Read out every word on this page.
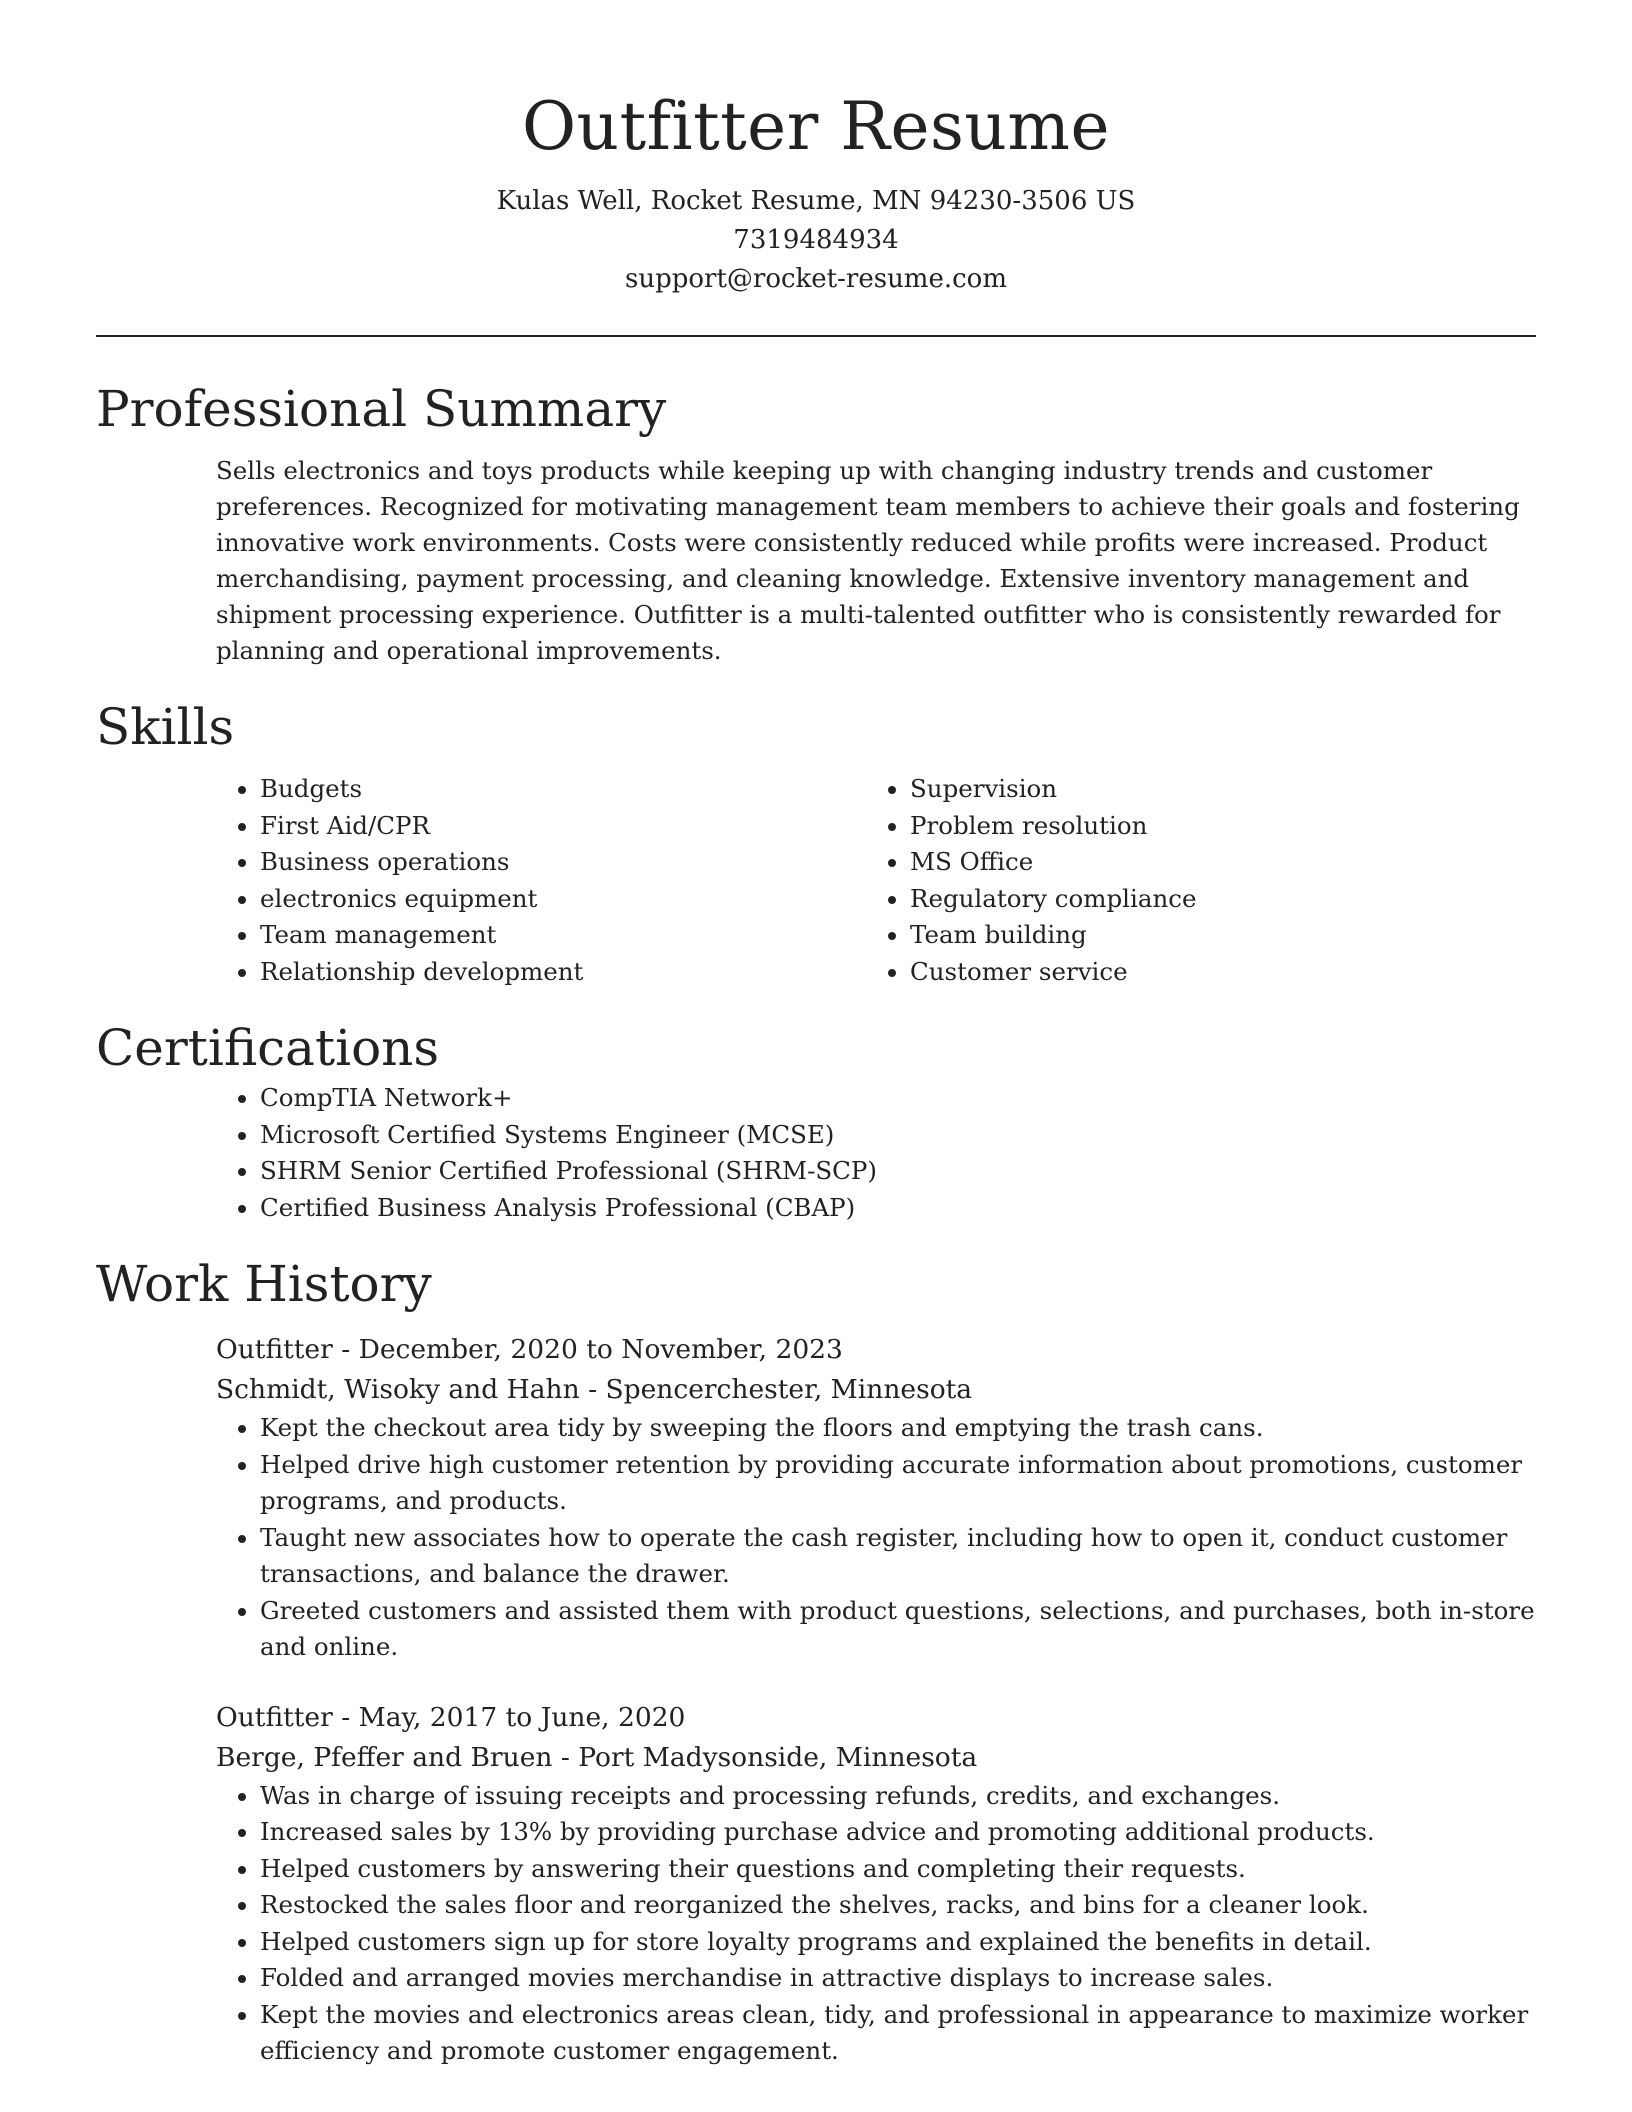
Outfitter Resume
Kulas Well, Rocket Resume, MN 94230-3506 US
7319484934
support@rocket-resume.com
Professional Summary
Sells electronics and toys products while keeping up with changing industry trends and customer preferences. Recognized for motivating management team members to achieve their goals and fostering innovative work environments. Costs were consistently reduced while profits were increased. Product merchandising, payment processing, and cleaning knowledge. Extensive inventory management and shipment processing experience. Outfitter is a multi-talented outfitter who is consistently rewarded for planning and operational improvements.
Skills
• Budgets
• First Aid/CPR
• Business operations
• electronics equipment
• Team management
• Relationship development
• Supervision
• Problem resolution
• MS Office
• Regulatory compliance
• Team building
• Customer service
Certifications
• CompTIA Network+
• Microsoft Certified Systems Engineer (MCSE)
• SHRM Senior Certified Professional (SHRM-SCP)
• Certified Business Analysis Professional (CBAP)
Work History
Outfitter - December, 2020 to November, 2023
Schmidt, Wisoky and Hahn - Spencerchester, Minnesota
• Kept the checkout area tidy by sweeping the floors and emptying the trash cans.
• Helped drive high customer retention by providing accurate information about promotions, customer programs, and products.
• Taught new associates how to operate the cash register, including how to open it, conduct customer transactions, and balance the drawer.
• Greeted customers and assisted them with product questions, selections, and purchases, both in-store and online.
Outfitter - May, 2017 to June, 2020
Berge, Pfeffer and Bruen - Port Madysonside, Minnesota
• Was in charge of issuing receipts and processing refunds, credits, and exchanges.
• Increased sales by 13% by providing purchase advice and promoting additional products.
• Helped customers by answering their questions and completing their requests.
• Restocked the sales floor and reorganized the shelves, racks, and bins for a cleaner look.
• Helped customers sign up for store loyalty programs and explained the benefits in detail.
• Folded and arranged movies merchandise in attractive displays to increase sales.
• Kept the movies and electronics areas clean, tidy, and professional in appearance to maximize worker efficiency and promote customer engagement.
